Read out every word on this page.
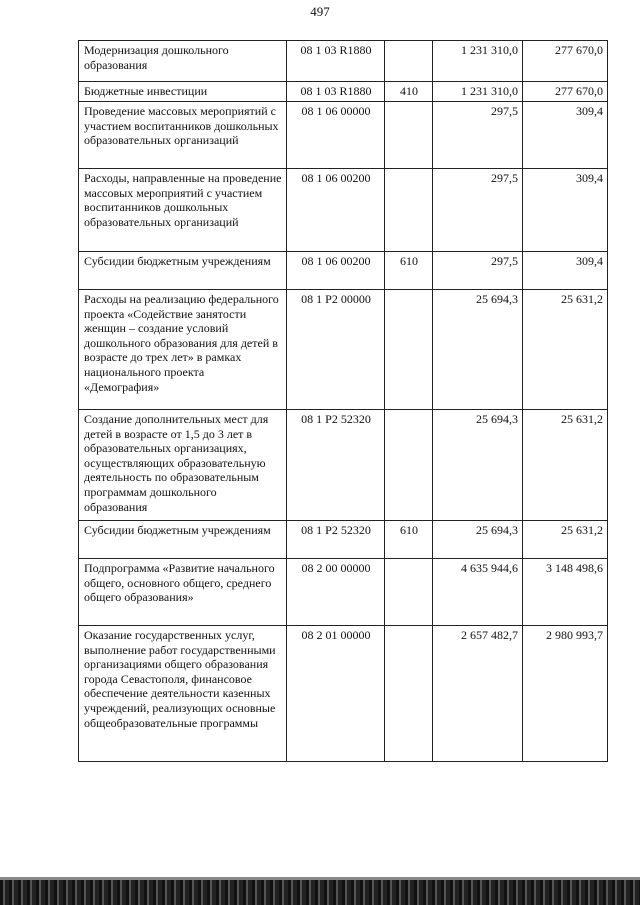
497
Модернизация дошкольного образования	08 1 03 R1880		1 231 310,0	277 670,0
Бюджетные инвестиции	08 1 03 R1880	410	1 231 310,0	277 670,0
Проведение массовых мероприятий с участием воспитанников дошкольных образовательных организаций	08 1 06 00000		297,5	309,4
Расходы, направленные на проведение массовых мероприятий с участием воспитанников дошкольных образовательных организаций	08 1 06 00200		297,5	309,4
Субсидии бюджетным учреждениям	08 1 06 00200	610	297,5	309,4
Расходы на реализацию федерального проекта «Содействие занятости женщин – создание условий дошкольного образования для детей в возрасте до трех лет» в рамках национального проекта «Демография»	08 1 P2 00000		25 694,3	25 631,2
Создание дополнительных мест для детей в возрасте от 1,5 до 3 лет в образовательных организациях, осуществляющих образовательную деятельность по образовательным программам дошкольного образования	08 1 P2 52320		25 694,3	25 631,2
Субсидии бюджетным учреждениям	08 1 P2 52320	610	25 694,3	25 631,2
Подпрограмма «Развитие начального общего, основного общего, среднего общего образования»	08 2 00 00000		4 635 944,6	3 148 498,6
Оказание государственных услуг, выполнение работ государственными организациями общего образования города Севастополя, финансовое обеспечение деятельности казенных учреждений, реализующих основные общеобразовательные программы	08 2 01 00000		2 657 482,7	2 980 993,7
